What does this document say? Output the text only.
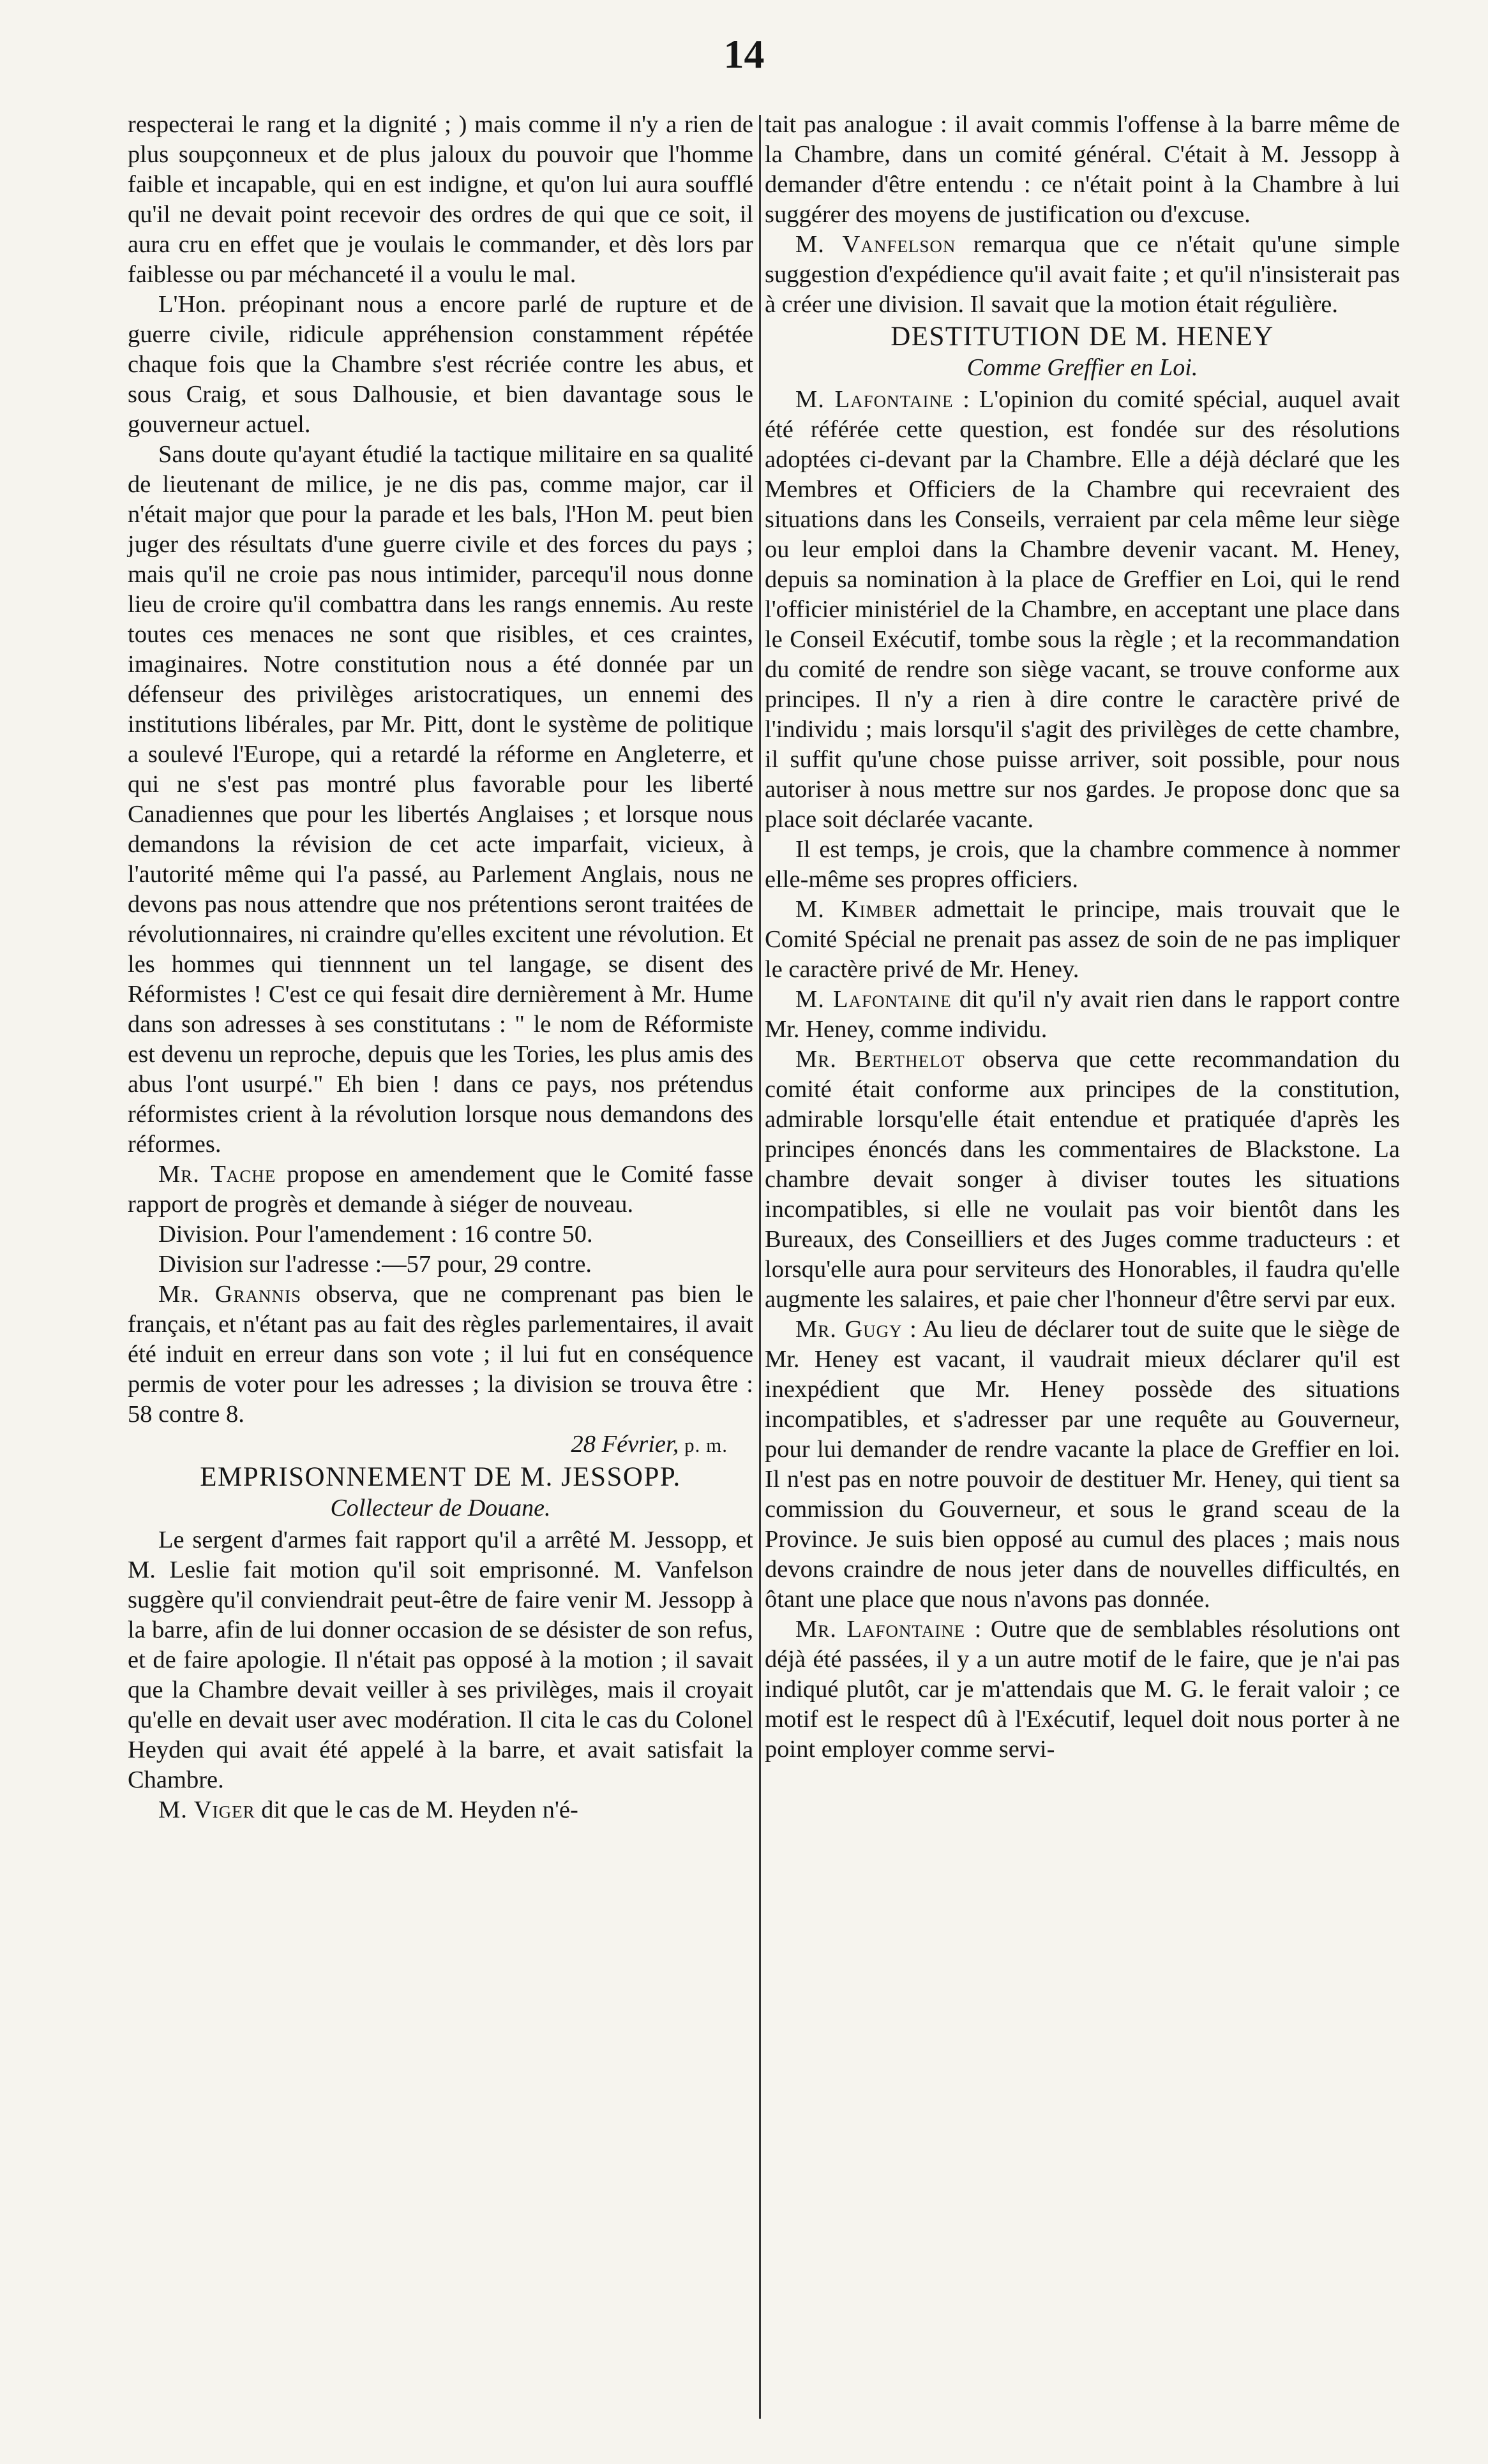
14

respecterai le rang et la dignité ; ) mais comme il n'y a rien de plus soupçonneux et de plus jaloux du pouvoir que l'homme faible et incapable, qui en est indigne, et qu'on lui aura soufflé qu'il ne devait point recevoir des ordres de qui que ce soit, il aura cru en effet que je voulais le commander, et dès lors par faiblesse ou par méchanceté il a voulu le mal.

L'Hon. préopinant nous a encore parlé de rupture et de guerre civile, ridicule appréhension constamment répétée chaque fois que la Chambre s'est récriée contre les abus, et sous Craig, et sous Dalhousie, et bien davantage sous le gouverneur actuel.

Sans doute qu'ayant étudié la tactique militaire en sa qualité de lieutenant de milice, je ne dis pas, comme major, car il n'était major que pour la parade et les bals, l'Hon M. peut bien juger des résultats d'une guerre civile et des forces du pays ; mais qu'il ne croie pas nous intimider, parcequ'il nous donne lieu de croire qu'il combattra dans les rangs ennemis. Au reste toutes ces menaces ne sont que risibles, et ces craintes, imaginaires. Notre constitution nous a été donnée par un défenseur des privilèges aristocratiques, un ennemi des institutions libérales, par Mr. Pitt, dont le système de politique a soulevé l'Europe, qui a retardé la réforme en Angleterre, et qui ne s'est pas montré plus favorable pour les liberté Canadiennes que pour les libertés Anglaises ; et lorsque nous demandons la révision de cet acte imparfait, vicieux, à l'autorité même qui l'a passé, au Parlement Anglais, nous ne devons pas nous attendre que nos prétentions seront traitées de révolutionnaires, ni craindre qu'elles excitent une révolution. Et les hommes qui tiennnent un tel langage, se disent des Réformistes ! C'est ce qui fesait dire dernièrement à Mr. Hume dans son adresses à ses constitutans : " le nom de Réformiste est devenu un reproche, depuis que les Tories, les plus amis des abus l'ont usurpé." Eh bien ! dans ce pays, nos prétendus réformistes crient à la révolution lorsque nous demandons des réformes.

Mr. Tache propose en amendement que le Comité fasse rapport de progrès et demande à siéger de nouveau.

Division. Pour l'amendement : 16 contre 50.

Division sur l'adresse :—57 pour, 29 contre.

Mr. Grannis observa, que ne comprenant pas bien le français, et n'étant pas au fait des règles parlementaires, il avait été induit en erreur dans son vote ; il lui fut en conséquence permis de voter pour les adresses ; la division se trouva être : 58 contre 8.

28 Février, p. m.

EMPRISONNEMENT DE M. JESSOPP.

Collecteur de Douane.

Le sergent d'armes fait rapport qu'il a arrêté M. Jessopp, et M. Leslie fait motion qu'il soit emprisonné. M. Vanfelson suggère qu'il conviendrait peut-être de faire venir M. Jessopp à la barre, afin de lui donner occasion de se désister de son refus, et de faire apologie. Il n'était pas opposé à la motion ; il savait que la Chambre devait veiller à ses privilèges, mais il croyait qu'elle en devait user avec modération. Il cita le cas du Colonel Heyden qui avait été appelé à la barre, et avait satisfait la Chambre.

M. Viger dit que le cas de M. Heyden n'é-

tait pas analogue : il avait commis l'offense à la barre même de la Chambre, dans un comité général. C'était à M. Jessopp à demander d'être entendu : ce n'était point à la Chambre à lui suggérer des moyens de justification ou d'excuse.

M. Vanfelson remarqua que ce n'était qu'une simple suggestion d'expédience qu'il avait faite ; et qu'il n'insisterait pas à créer une division. Il savait que la motion était régulière.

DESTITUTION DE M. HENEY

Comme Greffier en Loi.

M. Lafontaine : L'opinion du comité spécial, auquel avait été référée cette question, est fondée sur des résolutions adoptées ci-devant par la Chambre. Elle a déjà déclaré que les Membres et Officiers de la Chambre qui recevraient des situations dans les Conseils, verraient par cela même leur siège ou leur emploi dans la Chambre devenir vacant. M. Heney, depuis sa nomination à la place de Greffier en Loi, qui le rend l'officier ministériel de la Chambre, en acceptant une place dans le Conseil Exécutif, tombe sous la règle ; et la recommandation du comité de rendre son siège vacant, se trouve conforme aux principes. Il n'y a rien à dire contre le caractère privé de l'individu ; mais lorsqu'il s'agit des privilèges de cette chambre, il suffit qu'une chose puisse arriver, soit possible, pour nous autoriser à nous mettre sur nos gardes. Je propose donc que sa place soit déclarée vacante.

Il est temps, je crois, que la chambre commence à nommer elle-même ses propres officiers.

M. Kimber admettait le principe, mais trouvait que le Comité Spécial ne prenait pas assez de soin de ne pas impliquer le caractère privé de Mr. Heney.

M. Lafontaine dit qu'il n'y avait rien dans le rapport contre Mr. Heney, comme individu.

Mr. Berthelot observa que cette recommandation du comité était conforme aux principes de la constitution, admirable lorsqu'elle était entendue et pratiquée d'après les principes énoncés dans les commentaires de Blackstone. La chambre devait songer à diviser toutes les situations incompatibles, si elle ne voulait pas voir bientôt dans les Bureaux, des Conseilliers et des Juges comme traducteurs : et lorsqu'elle aura pour serviteurs des Honorables, il faudra qu'elle augmente les salaires, et paie cher l'honneur d'être servi par eux.

Mr. Gugy : Au lieu de déclarer tout de suite que le siège de Mr. Heney est vacant, il vaudrait mieux déclarer qu'il est inexpédient que Mr. Heney possède des situations incompatibles, et s'adresser par une requête au Gouverneur, pour lui demander de rendre vacante la place de Greffier en loi. Il n'est pas en notre pouvoir de destituer Mr. Heney, qui tient sa commission du Gouverneur, et sous le grand sceau de la Province. Je suis bien opposé au cumul des places ; mais nous devons craindre de nous jeter dans de nouvelles difficultés, en ôtant une place que nous n'avons pas donnée.

Mr. Lafontaine : Outre que de semblables résolutions ont déjà été passées, il y a un autre motif de le faire, que je n'ai pas indiqué plutôt, car je m'attendais que M. G. le ferait valoir ; ce motif est le respect dû à l'Exécutif, lequel doit nous porter à ne point employer comme servi-
